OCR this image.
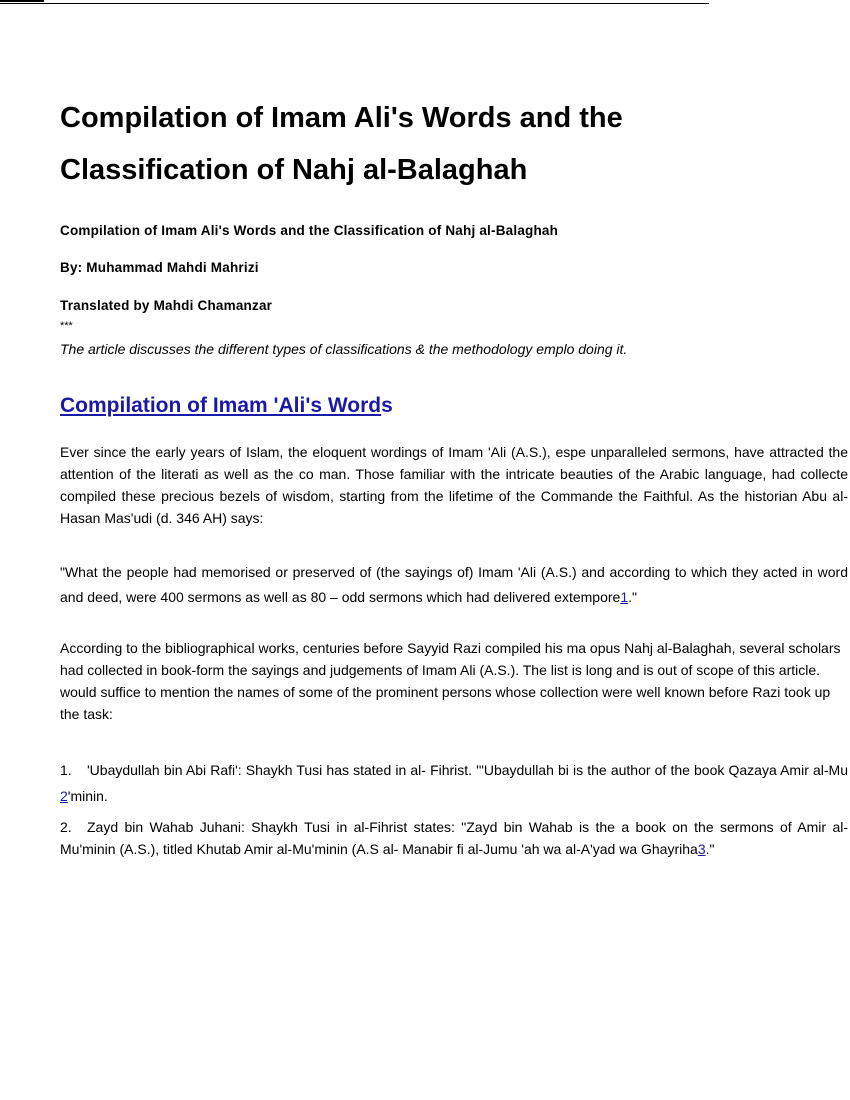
Compilation of Imam Ali's Words and the Classification of Nahj al-Balaghah

Compilation of Imam Ali's Words and the Classification of Nahj al-Balaghah

By: Muhammad Mahdi Mahrizi

Translated by Mahdi Chamanzar

***

The article discusses the different types of classifications & the methodology emplo doing it.

Compilation of Imam 'Ali's Words

Ever since the early years of Islam, the eloquent wordings of Imam 'Ali (A.S.), espe unparalleled sermons, have attracted the attention of the literati as well as the co man. Those familiar with the intricate beauties of the Arabic language, had collecte compiled these precious bezels of wisdom, starting from the lifetime of the Commande the Faithful. As the historian Abu al-Hasan Mas'udi (d. 346 AH) says:

"What the people had memorised or preserved of (the sayings of) Imam 'Ali (A.S.) and according to which they acted in word and deed, were 400 sermons as well as 80 – odd sermons which had delivered extempore1."

According to the bibliographical works, centuries before Sayyid Razi compiled his ma opus Nahj al-Balaghah, several scholars had collected in book-form the sayings and judgements of Imam Ali (A.S.). The list is long and is out of scope of this article. would suffice to mention the names of some of the prominent persons whose collection were well known before Razi took up the task:

1. 'Ubaydullah bin Abi Rafi': Shaykh Tusi has stated in al- Fihrist. '"Ubaydullah bi is the author of the book Qazaya Amir al-Mu 2'minin.

2. Zayd bin Wahab Juhani: Shaykh Tusi in al-Fihrist states: "Zayd bin Wahab is the a book on the sermons of Amir al- Mu'minin (A.S.), titled Khutab Amir al-Mu'minin (A.S al- Manabir fi al-Jumu 'ah wa al-A'yad wa Ghayriha3."
